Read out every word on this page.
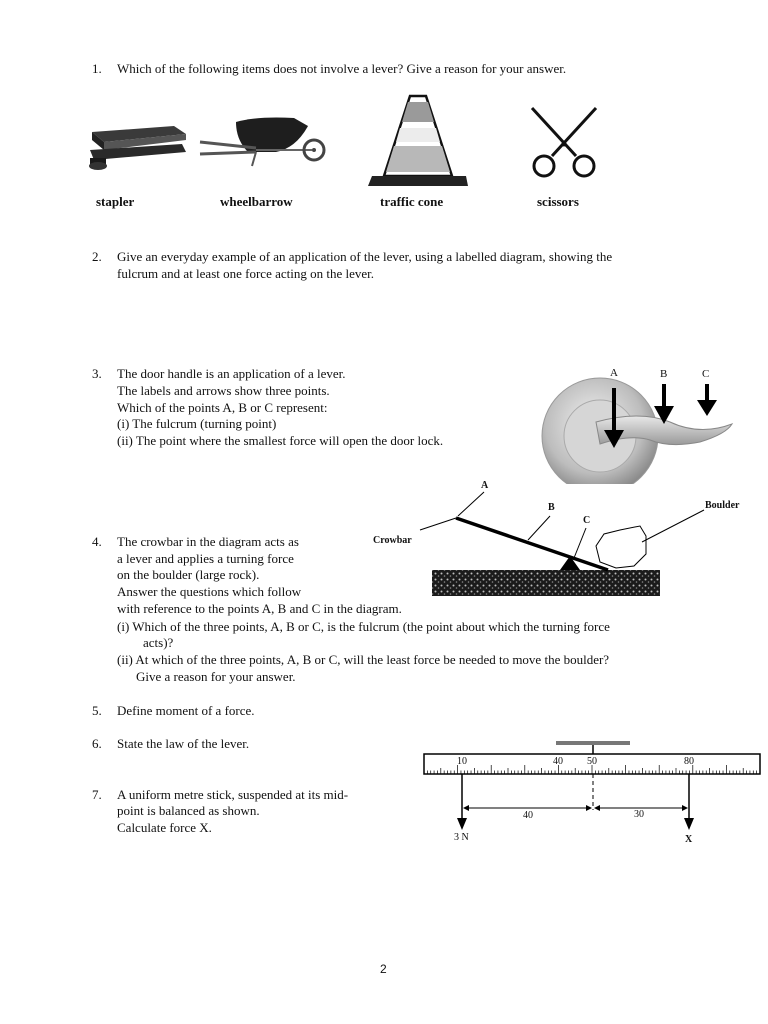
1. Which of the following items does not involve a lever? Give a reason for your answer.
stapler	wheelbarrow	traffic cone	scissors
2. Give an everyday example of an application of the lever, using a labelled diagram, showing the
fulcrum and at least one force acting on the lever.
3. The door handle is an application of a lever.
The labels and arrows show three points.
Which of the points A, B or C represent:
(i) The fulcrum (turning point)
(ii) The point where the smallest force will open the door lock.
A	B	C
4. The crowbar in the diagram acts as
a lever and applies a turning force
on the boulder (large rock).
Answer the questions which follow
with reference to the points A, B and C in the diagram.
(i) Which of the three points, A, B or C, is the fulcrum (the point about which the turning force
acts)?
(ii) At which of the three points, A, B or C, will the least force be needed to move the boulder?
Give a reason for your answer.
Crowbar
Boulder
A
B
C
5. Define moment of a force.
6. State the law of the lever.
7. A uniform metre stick, suspended at its mid-
point is balanced as shown.
Calculate force X.
10	40 50	80
40	30
3 N	X
2
